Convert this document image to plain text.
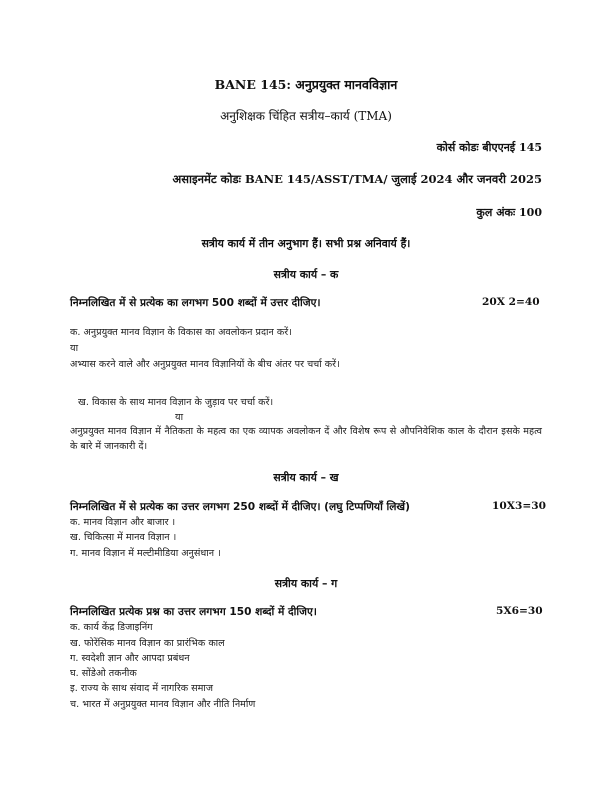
BANE 145: अनुप्रयुक्त मानवविज्ञान
अनुशिक्षक चिंहित सत्रीय–कार्य (TMA)
कोर्स कोडः बीएएनई 145
असाइनमेंट कोडः BANE 145/ASST/TMA/ जुलाई 2024 और जनवरी 2025
कुल अंकः 100
सत्रीय कार्य में तीन अनुभाग हैं। सभी प्रश्न अनिवार्य हैं।
सत्रीय कार्य – क
निम्नलिखित में से प्रत्येक का लगभग 500 शब्दों में उत्तर दीजिए।	20X 2=40
क. अनुप्रयुक्त मानव विज्ञान के विकास का अवलोकन प्रदान करें।
या
अभ्यास करने वाले और अनुप्रयुक्त मानव विज्ञानियों के बीच अंतर पर चर्चा करें।
ख. विकास के साथ मानव विज्ञान के जुड़ाव पर चर्चा करें।
या
अनुप्रयुक्त मानव विज्ञान में नैतिकता के महत्व का एक व्यापक अवलोकन दें और विशेष रूप से औपनिवेशिक काल के दौरान इसके महत्व के बारे में जानकारी दें।
सत्रीय कार्य – ख
निम्नलिखित में से प्रत्येक का उत्तर लगभग 250 शब्दों में दीजिए। (लघु टिप्पणियाँ लिखें)	10X3=30
क. मानव विज्ञान और बाजार ।
ख. चिकित्सा में मानव विज्ञान ।
ग. मानव विज्ञान में मल्टीमीडिया अनुसंधान ।
सत्रीय कार्य – ग
निम्नलिखित प्रत्येक प्रश्न का उत्तर लगभग 150 शब्दों में दीजिए।	5X6=30
क. कार्य केंद्र डिजाइनिंग
ख. फोरेंसिक मानव विज्ञान का प्रारंभिक काल
ग. स्वदेशी ज्ञान और आपदा प्रबंधन
घ. सोंडेओ तकनीक
इ. राज्य के साथ संवाद में नागरिक समाज
च. भारत में अनुप्रयुक्त मानव विज्ञान और नीति निर्माण
